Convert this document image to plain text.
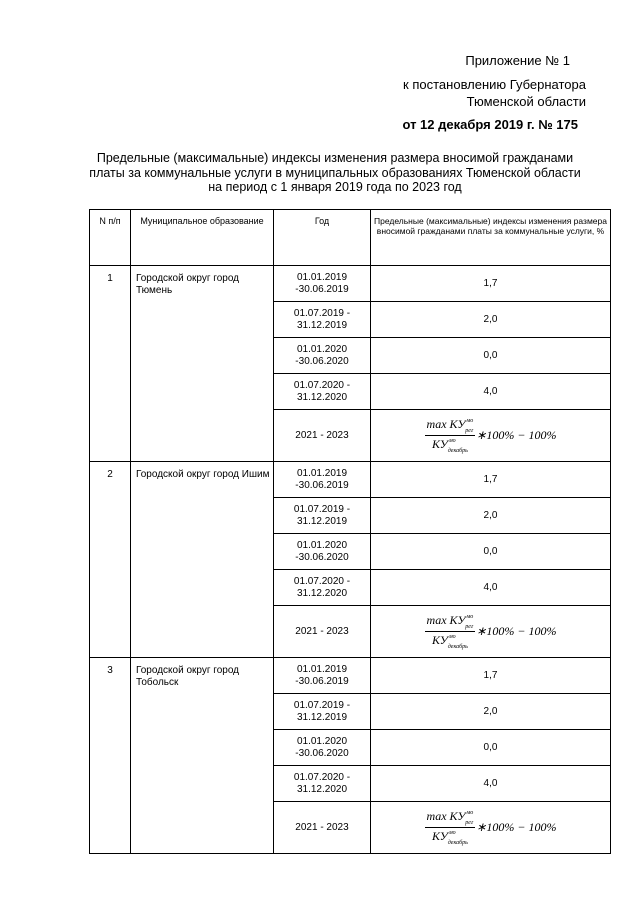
Приложение № 1
к постановлению Губернатора
Тюменской области
от 12 декабря 2019 г. № 175
Предельные (максимальные) индексы изменения размера вносимой гражданами
платы за коммунальные услуги в муниципальных образованиях Тюменской области
на период с 1 января 2019 года по 2023 год
N п/п	Муниципальное образование	Год	Предельные (максимальные) индексы изменения размера вносимой гражданами платы за коммунальные услуги, %
1	Городской округ город Тюмень	01.01.2019 -30.06.2019	1,7
		01.07.2019 - 31.12.2019	2,0
		01.01.2020 -30.06.2020	0,0
		01.07.2020 - 31.12.2020	4,0
		2021 - 2023	$\frac{\max КУ^{мо}_{рег}}{КУ^{мо}_{декабрь}}$ ∗100% − 100%

2	Городской округ город Ишим	01.01.2019 -30.06.2019	1,7
		01.07.2019 - 31.12.2019	2,0
		01.01.2020 -30.06.2020	0,0
		01.07.2020 - 31.12.2020	4,0
		2021 - 2023	$\frac{\max КУ^{мо}_{рег}}{КУ^{мо}_{декабрь}}$ ∗100% − 100%

3	Городской округ город Тобольск	01.01.2019 -30.06.2019	1,7
		01.07.2019 - 31.12.2019	2,0
		01.01.2020 -30.06.2020	0,0
		01.07.2020 - 31.12.2020	4,0
		2021 - 2023	$\frac{\max КУ^{мо}_{рег}}{КУ^{мо}_{декабрь}}$ ∗100% − 100%
